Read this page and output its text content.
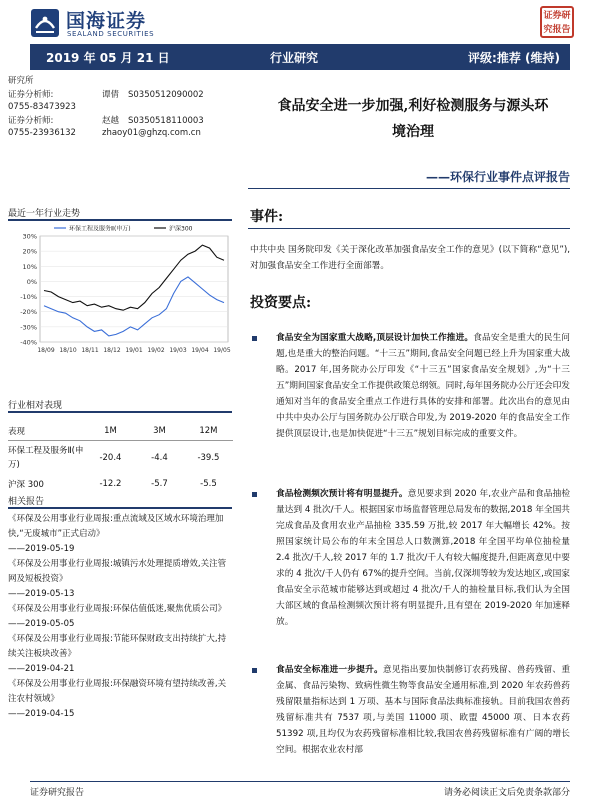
国海证券
SEALAND SECURITIES
证券研究报告
2019 年 05 月 21 日	行业研究	评级:推荐 (维持)
研究所
证券分析师:	谭倩 S0350512090002
0755-83473923
证券分析师:	赵越 S0350518110003
0755-23936132	zhaoy01@ghzq.com.cn
食品安全进一步加强,利好检测服务与源头环
境治理
——环保行业事件点评报告
最近一年行业走势
30%
20%
10%
0%
-10%
-20%
-30%
-40%
18/09 18/10 18/11 18/12 19/01 19/02 19/03 19/04 19/05
环保工程及服务Ⅱ(申万)	沪深300
行业相对表现
表现	1M	3M	12M
环保工程及服务Ⅱ(申万)	-20.4	-4.4	-39.5
沪深 300	-12.2	-5.7	-5.5
相关报告
《环保及公用事业行业周报:重点流域及区域水环境治理加快,“无废城市”正式启动》
——2019-05-19
《环保及公用事业行业周报:城镇污水处理提质增效,关注管网及短板投资》
——2019-05-13
《环保及公用事业行业周报:环保估值低迷,聚焦优质公司》
——2019-05-05
《环保及公用事业行业周报:节能环保财政支出持续扩大,持续关注板块改善》
——2019-04-21
《环保及公用事业行业周报:环保融资环境有望持续改善,关注农村领域》
——2019-04-15
事件:
中共中央 国务院印发《关于深化改革加强食品安全工作的意见》(以下简称“意见”),对加强食品安全工作进行全面部署。
投资要点:
食品安全为国家重大战略,顶层设计加快工作推进。食品安全是重大的民生问题,也是重大的整治问题。“十三五”期间,食品安全问题已经上升为国家重大战略。2017 年,国务院办公厅印发《“十三五”国家食品安全规划》,为“十三五”期间国家食品安全工作提供政策总纲领。同时,每年国务院办公厅还会印发通知对当年的食品安全重点工作进行具体的安排和部署。此次出台的意见由中共中央办公厅与国务院办公厅联合印发,为 2019-2020 年的食品安全工作提供顶层设计,也是加快促进“十三五”规划目标完成的重要文件。
食品检测频次预计将有明显提升。意见要求到 2020 年,农业产品和食品抽检量达到 4 批次/千人。根据国家市场监督管理总局发布的数据,2018 年全国共完成食品及食用农业产品抽检 335.59 万批,较 2017 年大幅增长 42%。按照国家统计局公布的年末全国总人口数测算,2018 年全国平均单位抽检量 2.4 批次/千人,较 2017 年的 1.7 批次/千人有较大幅度提升,但距离意见中要求的 4 批次/千人仍有 67%的提升空间。当前,仅深圳等较为发达地区,或国家食品安全示范城市能够达到或超过 4 批次/千人的抽检量目标,我们认为全国大部区域的食品检测频次预计将有明显提升,且有望在 2019-2020 年加速释放。
食品安全标准进一步提升。意见指出要加快制修订农药残留、兽药残留、重金属、食品污染物、致病性微生物等食品安全通用标准,到 2020 年农药兽药残留限量指标达到 1 万项、基本与国际食品法典标准接轨。目前我国农兽药残留标准共有 7537 项,与美国 11000 项、欧盟 45000 项、日本农药 51392 项,且均仅为农药残留标准相比较,我国农兽药残留标准有广阔的增长空间。根据农业农村部
证券研究报告	请务必阅读正文后免责条款部分
